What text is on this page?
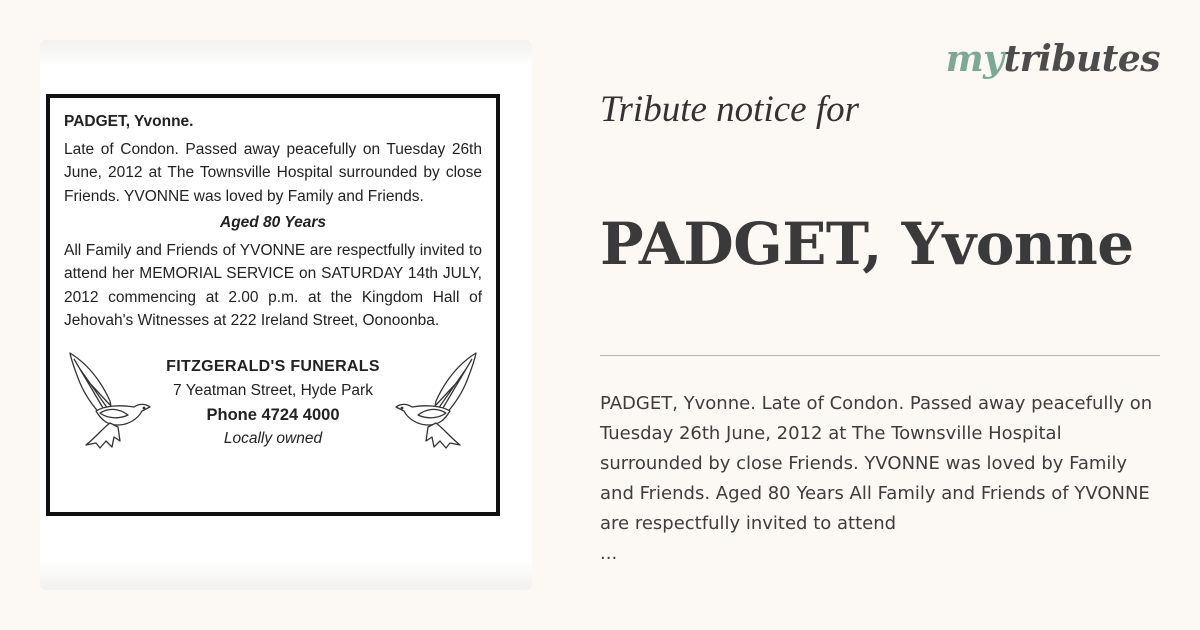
PADGET, Yvonne.

Late of Condon. Passed away peacefully on Tuesday 26th June, 2012 at The Townsville Hospital surrounded by close Friends. YVONNE was loved by Family and Friends.

Aged 80 Years

All Family and Friends of YVONNE are respectfully invited to attend her MEMORIAL SERVICE on SATURDAY 14th JULY, 2012 commencing at 2.00 p.m. at the Kingdom Hall of Jehovah's Witnesses at 222 Ireland Street, Oonoonba.

FITZGERALD'S FUNERALS
7 Yeatman Street, Hyde Park
Phone 4724 4000
Locally owned
mytributes
Tribute notice for
PADGET, Yvonne
PADGET, Yvonne. Late of Condon. Passed away peacefully on Tuesday 26th June, 2012 at The Townsville Hospital surrounded by close Friends. YVONNE was loved by Family and Friends. Aged 80 Years All Family and Friends of YVONNE are respectfully invited to attend
...
